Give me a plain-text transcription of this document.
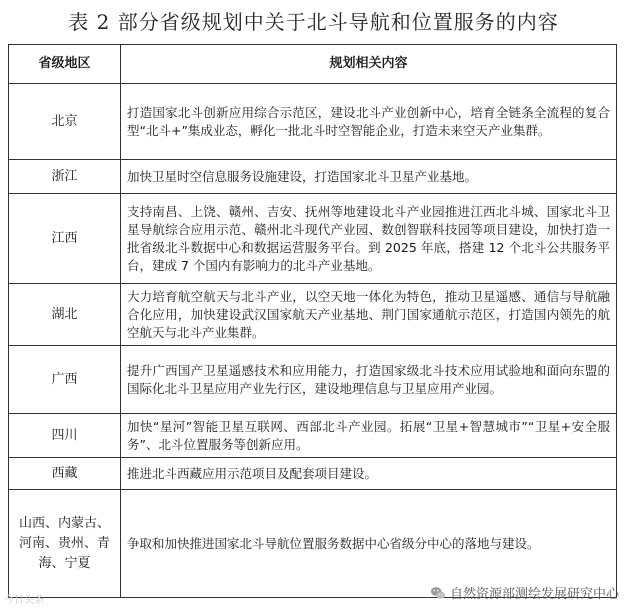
表 2 部分省级规划中关于北斗导航和位置服务的内容
省级地区	规划相关内容
北京	打造国家北斗创新应用综合示范区，建设北斗产业创新中心，培育全链条全流程的复合型“北斗+”集成业态，孵化一批北斗时空智能企业，打造未来空天产业集群。
浙江	加快卫星时空信息服务设施建设，打造国家北斗卫星产业基地。
江西	支持南昌、上饶、赣州、吉安、抚州等地建设北斗产业园推进江西北斗城、国家北斗卫星导航综合应用示范、赣州北斗现代产业园、数创智联科技园等项目建设，加快打造一批省级北斗数据中心和数据运营服务平台。到 2025 年底，搭建 12 个北斗公共服务平台，建成 7 个国内有影响力的北斗产业基地。
湖北	大力培育航空航天与北斗产业，以空天地一体化为特色，推动卫星遥感、通信与导航融合化应用，加快建设武汉国家航天产业基地、荆门国家通航示范区，打造国内领先的航空航天与北斗产业集群。
广西	提升广西国产卫星遥感技术和应用能力，打造国家级北斗技术应用试验地和面向东盟的国际化北斗卫星应用产业先行区，建设地理信息与卫星应用产业园。
四川	加快“星河”智能卫星互联网、西部北斗产业园。拓展“卫星+智慧城市”“卫星+安全服务”、北斗位置服务等创新应用。
西藏	推进北斗西藏应用示范项目及配套项目建设。
山西、内蒙古、河南、贵州、青海、宁夏	争取和加快推进国家北斗导航位置服务数据中心省级分中心的落地与建设。
自然资源部测绘发展研究中心
今日头条
